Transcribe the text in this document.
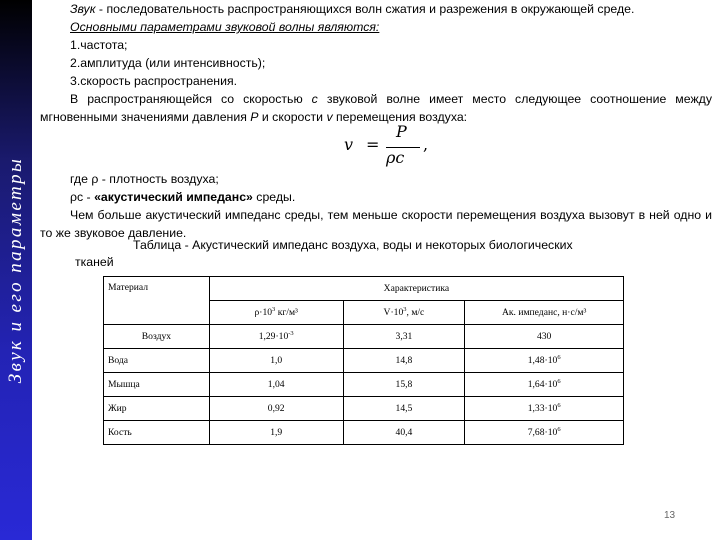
Звук и его параметры

Звук - последовательность распространяющихся волн сжатия и разрежения в окружающей среде.

Основными параметрами звуковой волны являются:

1.частота;
2.амплитуда (или интенсивность);
3.скорость распространения.

В распространяющейся со скоростью c звуковой волне имеет место следующее соотношение между мгновенными значениями давления P и скорости v перемещения воздуха:

v =
P
ρc
,

где ρ - плотность воздуха;

ρс - «акустический импеданс» среды.

Чем больше акустический импеданс среды, тем меньше скорости перемещения воздуха вызовут в ней одно и то же звуковое давление.

Таблица - Акустический импеданс воздуха, воды и некоторых биологических
тканей
Материал	Характеристика		
	$\rho\cdot 10^3$ кг/м³	$V\cdot 10^3$, м/с	Ак. импеданс, н·с/м³
Воздух	$1,29\cdot 10^{-3}$	3,31	430
Вода	1,0	14,8	$1,48\cdot 10^6$
Мышца	1,04	15,8	$1,64\cdot 10^6$
Жир	0,92	14,5	$1,33\cdot 10^6$
Кость	1,9	40,4	$7,68\cdot 10^6$
13
